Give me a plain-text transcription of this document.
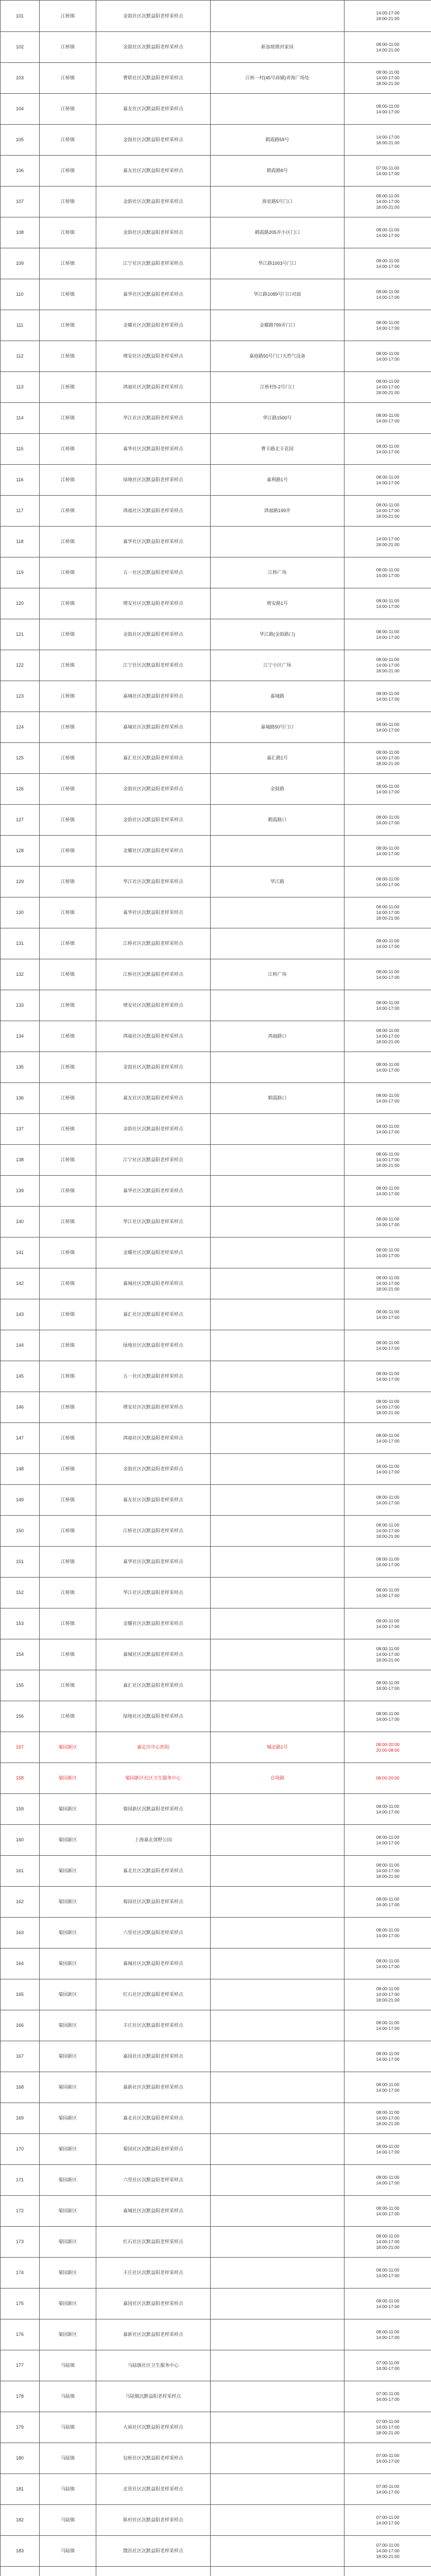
101	江桥镇	金鼓社区沉默益阳老样采样点		14:00-17:00
18:00-21:00

102	江桥镇	金鼓社区沉默益阳老样采样点	新加坡鼎河家园	08:00-11:00
14:00-21:00

103	江桥镇	曹联社区沉默益阳老样采样点	江桥一村(45号商铺)青海广场处	08:00-11:00
14:00-17:00
18:00-21:00

104	江桥镇	嘉友社区沉默益阳老样采样点		08:00-11:00
14:00-17:00

105	江桥镇	金鼓社区沉默益阳老样采样点	鹤霞路59号	14:00-17:00
18:00-21:00

106	江桥镇	嘉友社区沉默益阳老样采样点	鹤霞路8号	07:00-11:00
14:00-17:00

107	江桥镇	金韵社区沉默益阳老样采样点	海星路5号门口	08:00-11:00
14:00-17:00
18:00-21:00

108	江桥镇	金韵社区沉默益阳老样采样点	鹤霞路205弄小区门口	08:00-11:00
14:00-17:00

109	江桥镇	江宁社区沉默益阳老样采样点	华江路1003号门口	08:00-11:00
14:00-17:00

110	江桥镇	嘉华社区沉默益阳老样采样点	华江路1089号门口对面	08:00-11:00
14:00-17:00

111	江桥镇	金耀社区沉默益阳老样采样点	金耀路799弄门口	08:00-11:00
14:00-17:00

112	江桥镇	增安社区沉默益阳老样采样点	嘉庭路50号门口天然气设备	08:00-11:00
14:00-17:00

113	江桥镇	鸿福社区沉默益阳老样采样点	江桥村5-2号门口	08:00-11:00
14:00-17:00
18:00-21:00

114	江桥镇	华江社区沉默益阳老样采样点	华江路1500号	08:00-11:00
14:00-17:00

115	江桥镇	嘉华社区沉默益阳老样采样点	曹丰路北丰花园	08:00-11:00
14:00-17:00

116	江桥镇	绿地社区沉默益阳老样采样点	嘉利路1号	08:00-11:00
14:00-17:00

117	江桥镇	鸿福社区沉默益阳老样采样点	鸿福路199弄	08:00-11:00
14:00-17:00
18:00-21:00

118	江桥镇	嘉华社区沉默益阳老样采样点		14:00-17:00
18:00-21:00

119	江桥镇	五一社区沉默益阳老样采样点	江桥广场	08:00-11:00
14:00-17:00

120	江桥镇	增安社区沉默益阳老样采样点	增安路1号	08:00-11:00
14:00-17:00

121	江桥镇	金鼓社区沉默益阳老样采样点	华江路(金鼓路口)	08:00-11:00
14:00-17:00

122	江桥镇	江宁社区沉默益阳老样采样点	江宁小区广场	08:00-11:00
14:00-17:00
18:00-21:00

123	江桥镇	嘉城社区沉默益阳老样采样点	嘉城路	08:00-11:00
14:00-17:00

124	江桥镇	嘉城社区沉默益阳老样采样点	嘉城路50号门口	08:00-11:00
14:00-17:00

125	江桥镇	嘉汇社区沉默益阳老样采样点	嘉汇路1号	08:00-11:00
14:00-17:00
18:00-21:00

126	江桥镇	金鼓社区沉默益阳老样采样点	金鼓路	08:00-11:00
14:00-17:00

127	江桥镇	金韵社区沉默益阳老样采样点	鹤霞路口	08:00-11:00
14:00-17:00

128	江桥镇	金耀社区沉默益阳老样采样点		08:00-11:00
14:00-17:00

129	江桥镇	华江社区沉默益阳老样采样点	华江路	08:00-11:00
14:00-17:00

130	江桥镇	嘉华社区沉默益阳老样采样点		08:00-11:00
14:00-17:00
18:00-21:00

131	江桥镇	江桥社区沉默益阳老样采样点		08:00-11:00
14:00-17:00

132	江桥镇	江桥社区沉默益阳老样采样点	江桥广场	08:00-11:00
14:00-17:00

133	江桥镇	增安社区沉默益阳老样采样点		08:00-11:00
14:00-17:00

134	江桥镇	鸿福社区沉默益阳老样采样点	鸿福路口	08:00-11:00
14:00-17:00
18:00-21:00

135	江桥镇	金鼓社区沉默益阳老样采样点		08:00-11:00
14:00-17:00

136	江桥镇	嘉友社区沉默益阳老样采样点	鹤霞路口	08:00-11:00
14:00-17:00

137	江桥镇	金韵社区沉默益阳老样采样点		08:00-11:00
14:00-17:00

138	江桥镇	江宁社区沉默益阳老样采样点		08:00-11:00
14:00-17:00
18:00-21:00

139	江桥镇	嘉华社区沉默益阳老样采样点		08:00-11:00
14:00-17:00

140	江桥镇	华江社区沉默益阳老样采样点		08:00-11:00
14:00-17:00

141	江桥镇	金耀社区沉默益阳老样采样点		08:00-11:00
14:00-17:00

142	江桥镇	嘉城社区沉默益阳老样采样点		08:00-11:00
14:00-17:00
18:00-21:00

143	江桥镇	嘉汇社区沉默益阳老样采样点		08:00-11:00
14:00-17:00

144	江桥镇	绿地社区沉默益阳老样采样点		08:00-11:00
14:00-17:00

145	江桥镇	五一社区沉默益阳老样采样点		08:00-11:00
14:00-17:00

146	江桥镇	增安社区沉默益阳老样采样点		08:00-11:00
14:00-17:00
18:00-21:00

147	江桥镇	鸿福社区沉默益阳老样采样点		08:00-11:00
14:00-17:00

148	江桥镇	金鼓社区沉默益阳老样采样点		08:00-11:00
14:00-17:00

149	江桥镇	嘉友社区沉默益阳老样采样点		08:00-11:00
14:00-17:00

150	江桥镇	江桥社区沉默益阳老样采样点		08:00-11:00
14:00-17:00
18:00-21:00

151	江桥镇	嘉华社区沉默益阳老样采样点		08:00-11:00
14:00-17:00

152	江桥镇	华江社区沉默益阳老样采样点		08:00-11:00
14:00-17:00

153	江桥镇	金耀社区沉默益阳老样采样点		08:00-11:00
14:00-17:00

154	江桥镇	嘉城社区沉默益阳老样采样点		08:00-11:00
14:00-17:00
18:00-21:00

155	江桥镇	嘉汇社区沉默益阳老样采样点		08:00-11:00
14:00-17:00

156	江桥镇	绿地社区沉默益阳老样采样点		08:00-11:00
14:00-17:00

157	菊园新区	嘉定区中心医院	城北路1号	08:00-20:00
20:00-08:00

158	菊园新区	菊园新区社区卫生服务中心	仓场路	08:00-20:00

159	菊园新区	菊园新区沉默益阳老样采样点		08:00-11:00
14:00-17:00

160	菊园新区	上海嘉北郊野公园		08:00-11:00
14:00-17:00

161	菊园新区	嘉北社区沉默益阳老样采样点		08:00-11:00
14:00-17:00
18:00-21:00

162	菊园新区	菊园社区沉默益阳老样采样点		08:00-11:00
14:00-17:00

163	菊园新区	六里社区沉默益阳老样采样点		08:00-11:00
14:00-17:00

164	菊园新区	嘉城社区沉默益阳老样采样点		08:00-11:00
14:00-17:00

165	菊园新区	红石社区沉默益阳老样采样点		08:00-11:00
14:00-17:00
18:00-21:00

166	菊园新区	丰庄社区沉默益阳老样采样点		08:00-11:00
14:00-17:00

167	菊园新区	嘉园社区沉默益阳老样采样点		08:00-11:00
14:00-17:00

168	菊园新区	嘉新社区沉默益阳老样采样点		08:00-11:00
14:00-17:00

169	菊园新区	嘉北社区沉默益阳老样采样点		08:00-11:00
14:00-17:00
18:00-21:00

170	菊园新区	菊园社区沉默益阳老样采样点		08:00-11:00
14:00-17:00

171	菊园新区	六里社区沉默益阳老样采样点		08:00-11:00
14:00-17:00

172	菊园新区	嘉城社区沉默益阳老样采样点		08:00-11:00
14:00-17:00

173	菊园新区	红石社区沉默益阳老样采样点		08:00-11:00
14:00-17:00
18:00-21:00

174	菊园新区	丰庄社区沉默益阳老样采样点		08:00-11:00
14:00-17:00

175	菊园新区	嘉园社区沉默益阳老样采样点		08:00-11:00
14:00-17:00

176	菊园新区	嘉新社区沉默益阳老样采样点		08:00-11:00
14:00-17:00

177	马陆镇	马陆镇社区卫生服务中心		07:00-11:00
14:00-17:00

178	马陆镇	马陆镇沉默益阳老样采样点		07:00-11:00
14:00-17:00

179	马陆镇	大裕社区沉默益阳老样采样点		07:00-11:00
14:00-17:00
18:00-21:00

180	马陆镇	包桥社区沉默益阳老样采样点		07:00-11:00
14:00-17:00

181	马陆镇	北管社区沉默益阳老样采样点		07:00-11:00
14:00-17:00

182	马陆镇	陈村社区沉默益阳老样采样点		07:00-11:00
14:00-17:00

183	马陆镇	戬浜社区沉默益阳老样采样点		07:00-11:00
14:00-17:00
18:00-21:00
